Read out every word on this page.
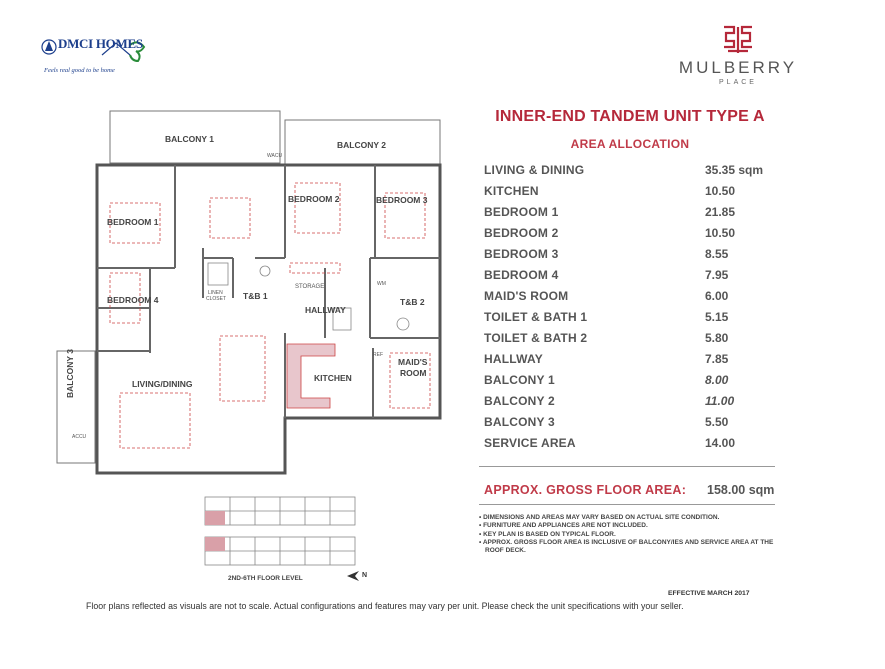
DMCI HOMES
Feels real good to be home	MULBERRY
PLACE
INNER-END TANDEM UNIT TYPE A
AREA ALLOCATION
LIVING & DINING	35.35 sqm
KITCHEN	10.50
BEDROOM 1	21.85
BEDROOM 2	10.50
BEDROOM 3	8.55
BEDROOM 4	7.95
MAID'S ROOM	6.00
TOILET & BATH 1	5.15
TOILET & BATH 2	5.80
HALLWAY	7.85
BALCONY 1	8.00
BALCONY 2	11.00
BALCONY 3	5.50
SERVICE AREA	14.00
APPROX. GROSS FLOOR AREA: 158.00 sqm
• DIMENSIONS AND AREAS MAY VARY BASED ON ACTUAL SITE CONDITION.
• FURNITURE AND APPLIANCES ARE NOT INCLUDED.
• KEY PLAN IS BASED ON TYPICAL FLOOR.
• APPROX. GROSS FLOOR AREA IS INCLUSIVE OF BALCONY/IES AND SERVICE AREA AT THE ROOF DECK.
EFFECTIVE MARCH 2017
Floor plans reflected as visuals are not to scale. Actual configurations and features may vary per unit. Please check the unit specifications with your seller.
BALCONY 1
BALCONY 2
BALCONY 3
BEDROOM 1
BEDROOM 2	BEDROOM 3
BEDROOM 4	T&B 1
T&B 2
HALLWAY
KITCHEN
LIVING/DINING
MAID'S
ROOM
STORAGE
LINEN
CLOSET
WM
REF
ACCU
WACU
2ND-6TH FLOOR LEVEL	N
